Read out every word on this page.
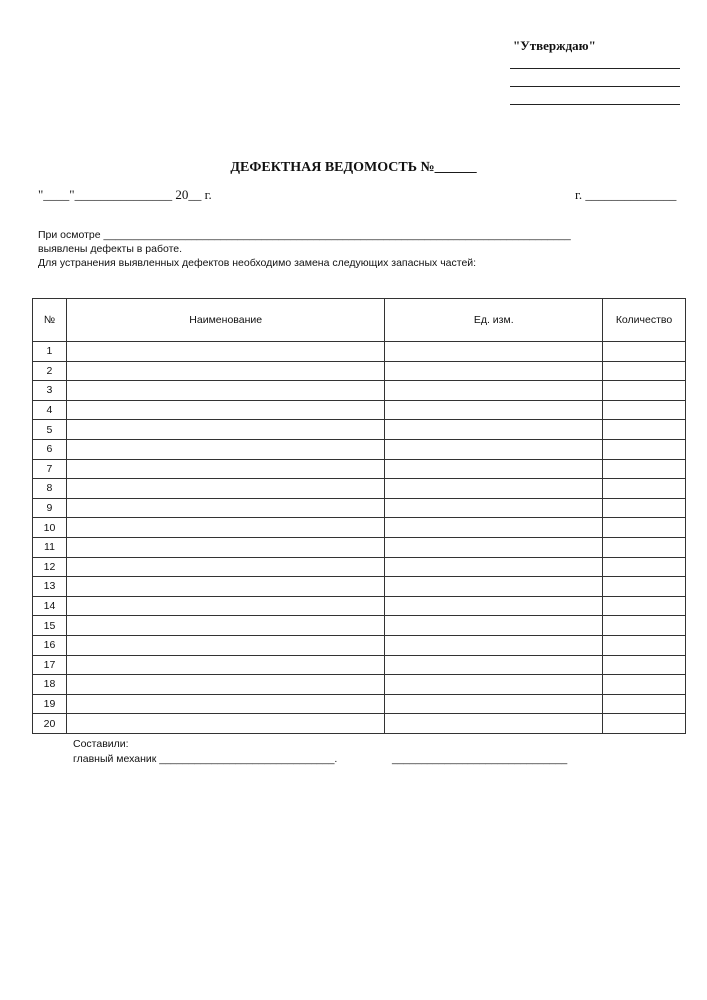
"Утверждаю"
ДЕФЕКТНАЯ ВЕДОМОСТЬ №______
"____"_______________ 20__ г.	г. ______________
При осмотре ________________________________________________________________________________
выявлены дефекты в работе.
Для устранения выявленных дефектов необходимо замена следующих запасных частей:
№	Наименование	Ед. изм.	Количество
1			
2			
3			
4			
5			
6			
7			
8			
9			
10			
11			
12			
13			
14			
15			
16			
17			
18			
19			
20			
Составили:
главный механик ______________________________.	______________________________
